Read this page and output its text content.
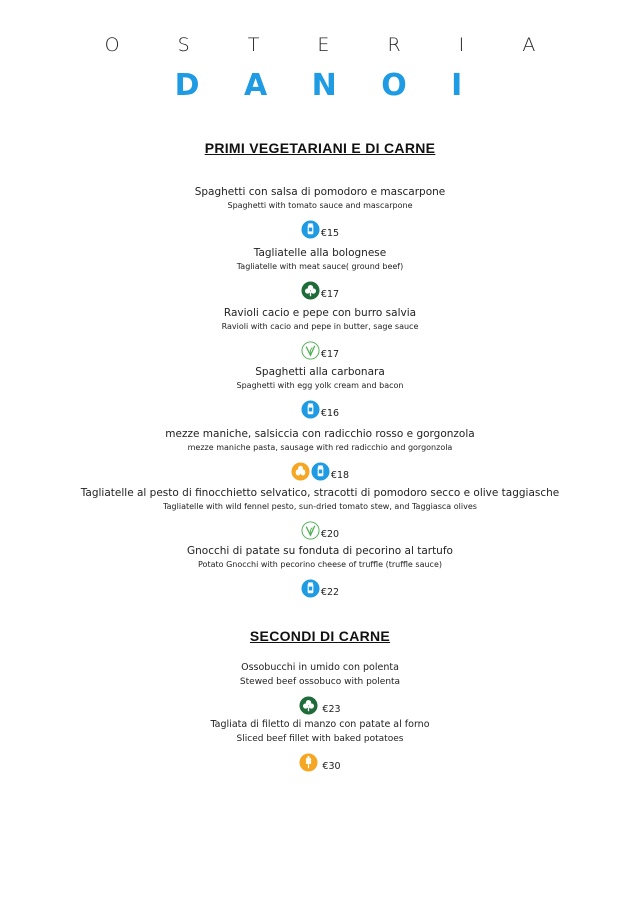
O S T E R I A
D A N O I
PRIMI VEGETARIANI E DI CARNE
Spaghetti con salsa di pomodoro e mascarpone
Spaghetti with tomato sauce and mascarpone
€15
Tagliatelle alla bolognese
Tagliatelle with meat sauce( ground beef)
€17
Ravioli cacio e pepe con burro salvia
Ravioli with cacio and pepe in butter, sage sauce
€17
Spaghetti alla carbonara
Spaghetti with egg yolk cream and bacon
€16
mezze maniche, salsiccia con radicchio rosso e gorgonzola
mezze maniche pasta, sausage with red radicchio and gorgonzola
€18
Tagliatelle al pesto di finocchietto selvatico, stracotti di pomodoro secco e olive taggiasche
Tagliatelle with wild fennel pesto, sun-dried tomato stew, and Taggiasca olives
€20
Gnocchi di patate su fonduta di pecorino al tartufo
Potato Gnocchi with pecorino cheese of truffle (truffle sauce)
€22
SECONDI DI CARNE
Ossobucchi in umido con polenta
Stewed beef ossobuco with polenta
€23
Tagliata di filetto di manzo con patate al forno
Sliced beef fillet with baked potatoes
€30
